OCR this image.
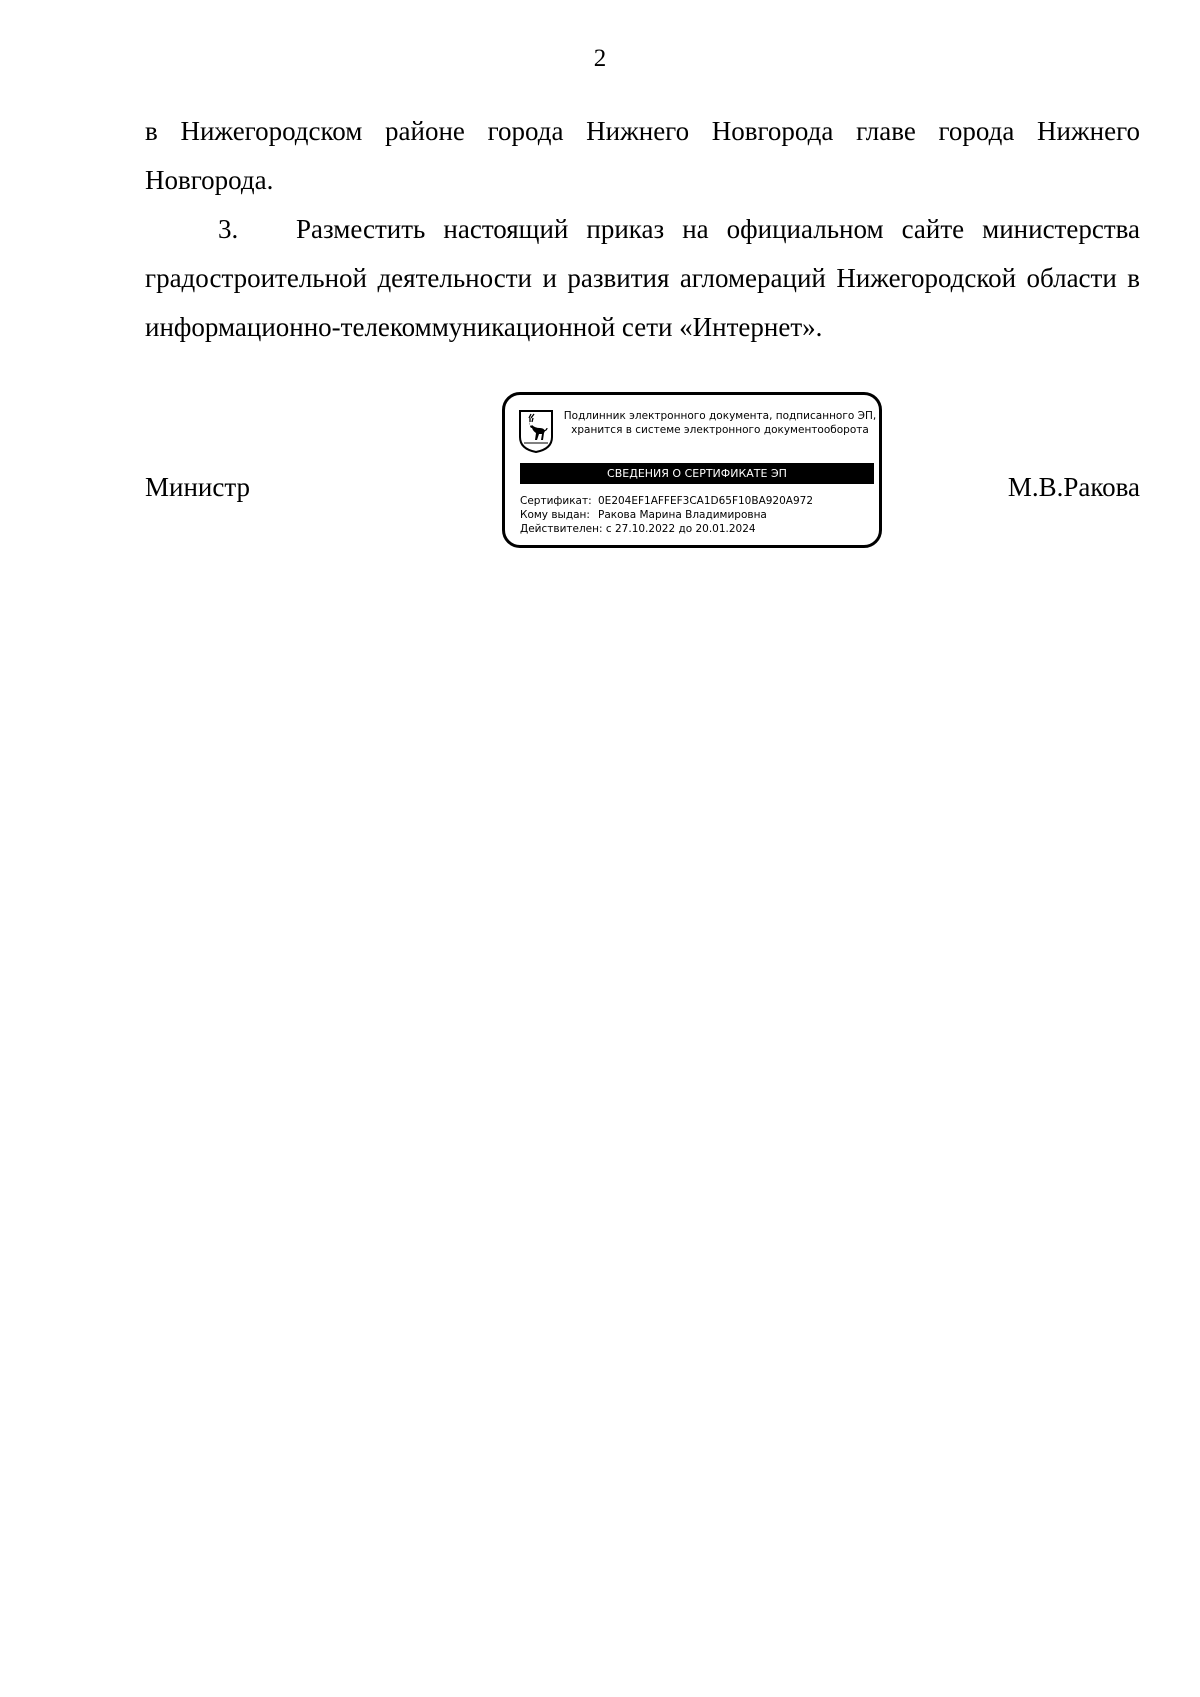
2

в Нижегородском районе города Нижнего Новгорода главе города Нижнего Новгорода.

3. Разместить настоящий приказ на официальном сайте министерства градостроительной деятельности и развития агломераций Нижегородской области в информационно-телекоммуникационной сети «Интернет».

Министр	М.В.Ракова
Подлинник электронного документа, подписанного ЭП,
хранится в системе электронного документооборота
СВЕДЕНИЯ О СЕРТИФИКАТЕ ЭП
Сертификат: 0E204EF1AFFEF3CA1D65F10BA920A972
Кому выдан: Ракова Марина Владимировна
Действителен: с 27.10.2022 до 20.01.2024
